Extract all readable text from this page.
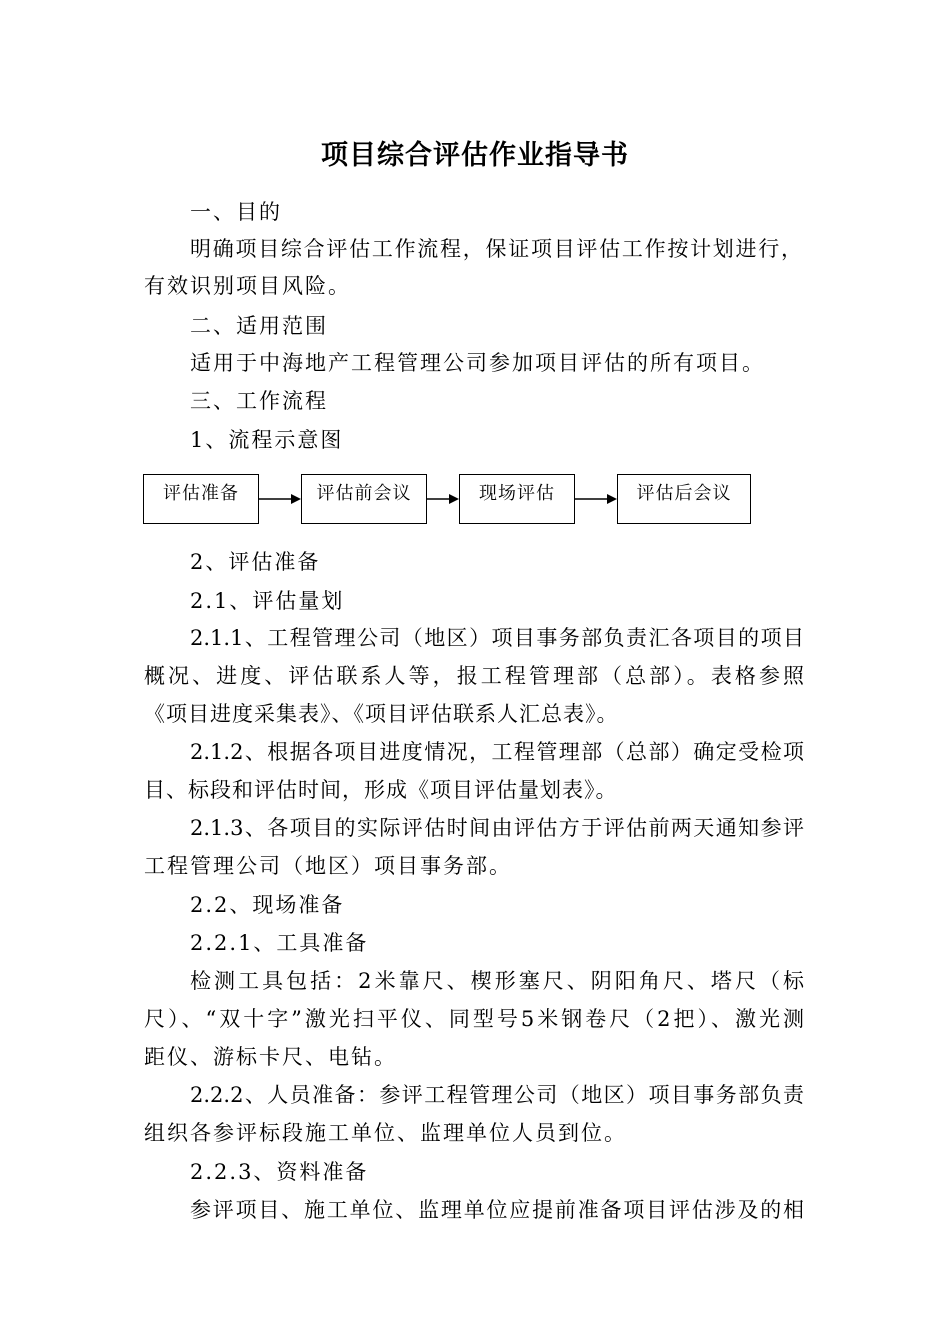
项目综合评估作业指导书
一、目的
明确项目综合评估工作流程，保证项目评估工作按计划进行，
有效识别项目风险。
二、适用范围
适用于中海地产工程管理公司参加项目评估的所有项目。
三、工作流程
1、流程示意图
评估准备	评估前会议	现场评估	评估后会议
2、评估准备
2.1、评估量划
2.1.1、工程管理公司（地区）项目事务部负责汇各项目的项目
概况、进度、评估联系人等，报工程管理部（总部）。表格参照
《项目进度采集表》、《项目评估联系人汇总表》。
2.1.2、根据各项目进度情况，工程管理部（总部）确定受检项
目、标段和评估时间，形成《项目评估量划表》。
2.1.3、各项目的实际评估时间由评估方于评估前两天通知参评
工程管理公司（地区）项目事务部。
2.2、现场准备
2.2.1、工具准备
检测工具包括：2米靠尺、楔形塞尺、阴阳角尺、塔尺（标
尺）、“双十字”激光扫平仪、同型号5米钢卷尺（2把）、激光测
距仪、游标卡尺、电钻。
2.2.2、人员准备：参评工程管理公司（地区）项目事务部负责
组织各参评标段施工单位、监理单位人员到位。
2.2.3、资料准备
参评项目、施工单位、监理单位应提前准备项目评估涉及的相
